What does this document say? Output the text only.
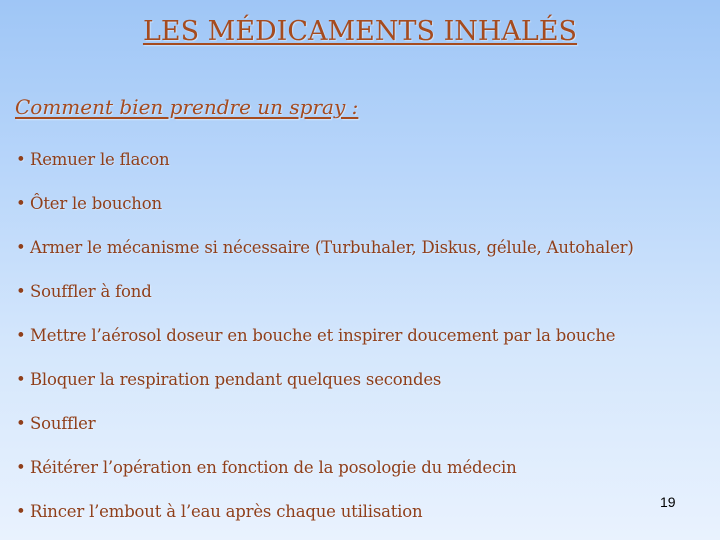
LES MÉDICAMENTS INHALÉS
Comment bien prendre un spray :
• Remuer le flacon
• Ôter le bouchon
• Armer le mécanisme si nécessaire (Turbuhaler, Diskus, gélule, Autohaler)
• Souffler à fond
• Mettre l’aérosol doseur en bouche et inspirer doucement par la bouche
• Bloquer la respiration pendant quelques secondes
• Souffler
• Réitérer l’opération en fonction de la posologie du médecin
• Rincer l’embout à l’eau après chaque utilisation	19
